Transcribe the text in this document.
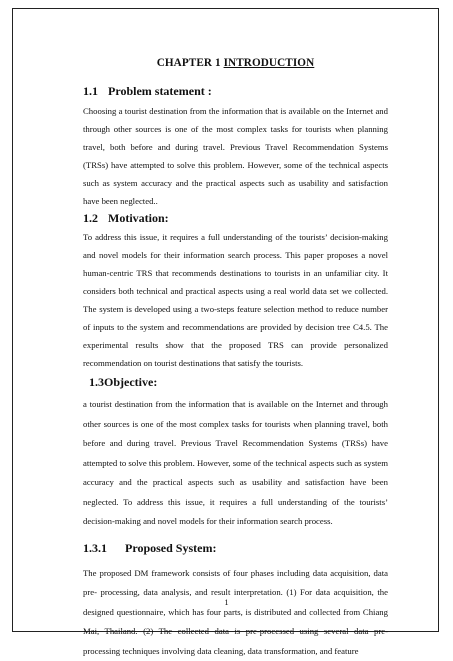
CHAPTER 1 INTRODUCTION
1.1 Problem statement :

Choosing a tourist destination from the information that is available on the Internet and through other sources is one of the most complex tasks for tourists when planning travel, both before and during travel. Previous Travel Recommendation Systems (TRSs) have attempted to solve this problem. However, some of the technical aspects such as system accuracy and the practical aspects such as usability and satisfaction have been neglected..

1.2 Motivation:

To address this issue, it requires a full understanding of the tourists’ decision-making and novel models for their information search process. This paper proposes a novel human-centric TRS that recommends destinations to tourists in an unfamiliar city. It considers both technical and practical aspects using a real world data set we collected. The system is developed using a two-steps feature selection method to reduce number of inputs to the system and recommendations are provided by decision tree C4.5. The experimental results show that the proposed TRS can provide personalized recommendation on tourist destinations that satisfy the tourists.

1.3Objective:

a tourist destination from the information that is available on the Internet and through other sources is one of the most complex tasks for tourists when planning travel, both before and during travel. Previous Travel Recommendation Systems (TRSs) have attempted to solve this problem. However, some of the technical aspects such as system accuracy and the practical aspects such as usability and satisfaction have been neglected. To address this issue, it requires a full understanding of the tourists’ decision-making and novel models for their information search process.

1.3.1 Proposed System:

The proposed DM framework consists of four phases including data acquisition, data pre- processing, data analysis, and result interpretation. (1) For data acquisition, the designed questionnaire, which has four parts, is distributed and collected from Chiang Mai, Thailand. (2) The collected data is pre-processed using several data pre-processing techniques involving data cleaning, data transformation, and feature

1
